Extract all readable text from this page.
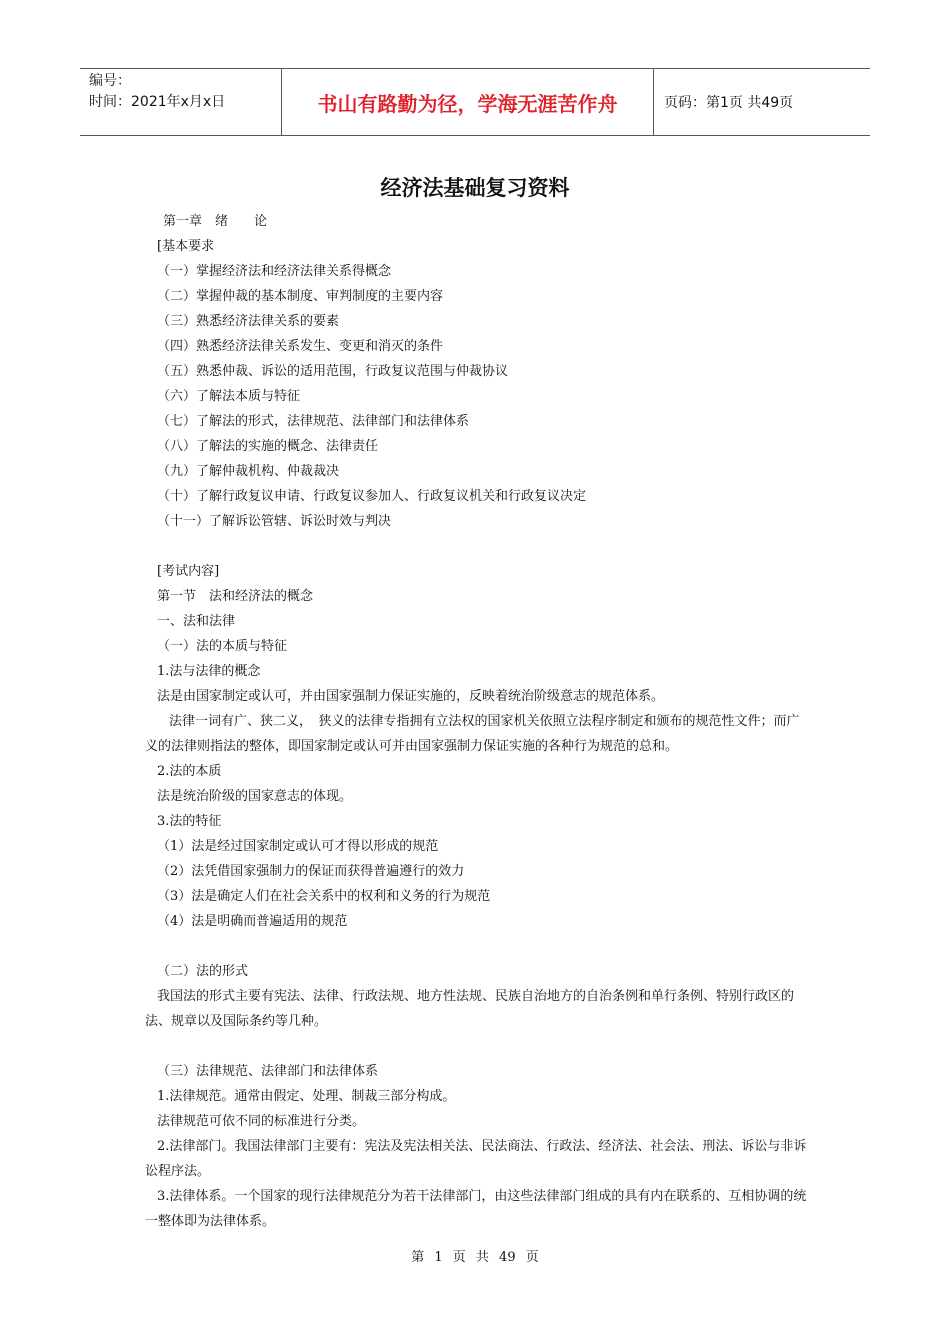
编号：
时间：2021年x月x日	书山有路勤为径，学海无涯苦作舟	页码：第1页 共49页
经济法基础复习资料
第一章　绪　　论
[基本要求
（一）掌握经济法和经济法律关系得概念
（二）掌握仲裁的基本制度、审判制度的主要内容
（三）熟悉经济法律关系的要素
（四）熟悉经济法律关系发生、变更和消灭的条件
（五）熟悉仲裁、诉讼的适用范围，行政复议范围与仲裁协议
（六）了解法本质与特征
（七）了解法的形式，法律规范、法律部门和法律体系
（八）了解法的实施的概念、法律责任
（九）了解仲裁机构、仲裁裁决
（十）了解行政复议申请、行政复议参加人、行政复议机关和行政复议决定
（十一）了解诉讼管辖、诉讼时效与判决
[考试内容]
第一节　法和经济法的概念
一、法和法律
（一）法的本质与特征
1.法与法律的概念
法是由国家制定或认可，并由国家强制力保证实施的，反映着统治阶级意志的规范体系。
法律一词有广、狭二义，　狭义的法律专指拥有立法权的国家机关依照立法程序制定和颁布的规范性文件；而广义的法律则指法的整体，即国家制定或认可并由国家强制力保证实施的各种行为规范的总和。
2.法的本质
法是统治阶级的国家意志的体现。
3.法的特征
（1）法是经过国家制定或认可才得以形成的规范
（2）法凭借国家强制力的保证而获得普遍遵行的效力
（3）法是确定人们在社会关系中的权利和义务的行为规范
（4）法是明确而普遍适用的规范
（二）法的形式
我国法的形式主要有宪法、法律、行政法规、地方性法规、民族自治地方的自治条例和单行条例、特别行政区的法、规章以及国际条约等几种。
（三）法律规范、法律部门和法律体系
1.法律规范。通常由假定、处理、制裁三部分构成。
法律规范可依不同的标准进行分类。
2.法律部门。我国法律部门主要有：宪法及宪法相关法、民法商法、行政法、经济法、社会法、刑法、诉讼与非诉讼程序法。
3.法律体系。一个国家的现行法律规范分为若干法律部门，由这些法律部门组成的具有内在联系的、互相协调的统一整体即为法律体系。
第 1 页 共 49 页
